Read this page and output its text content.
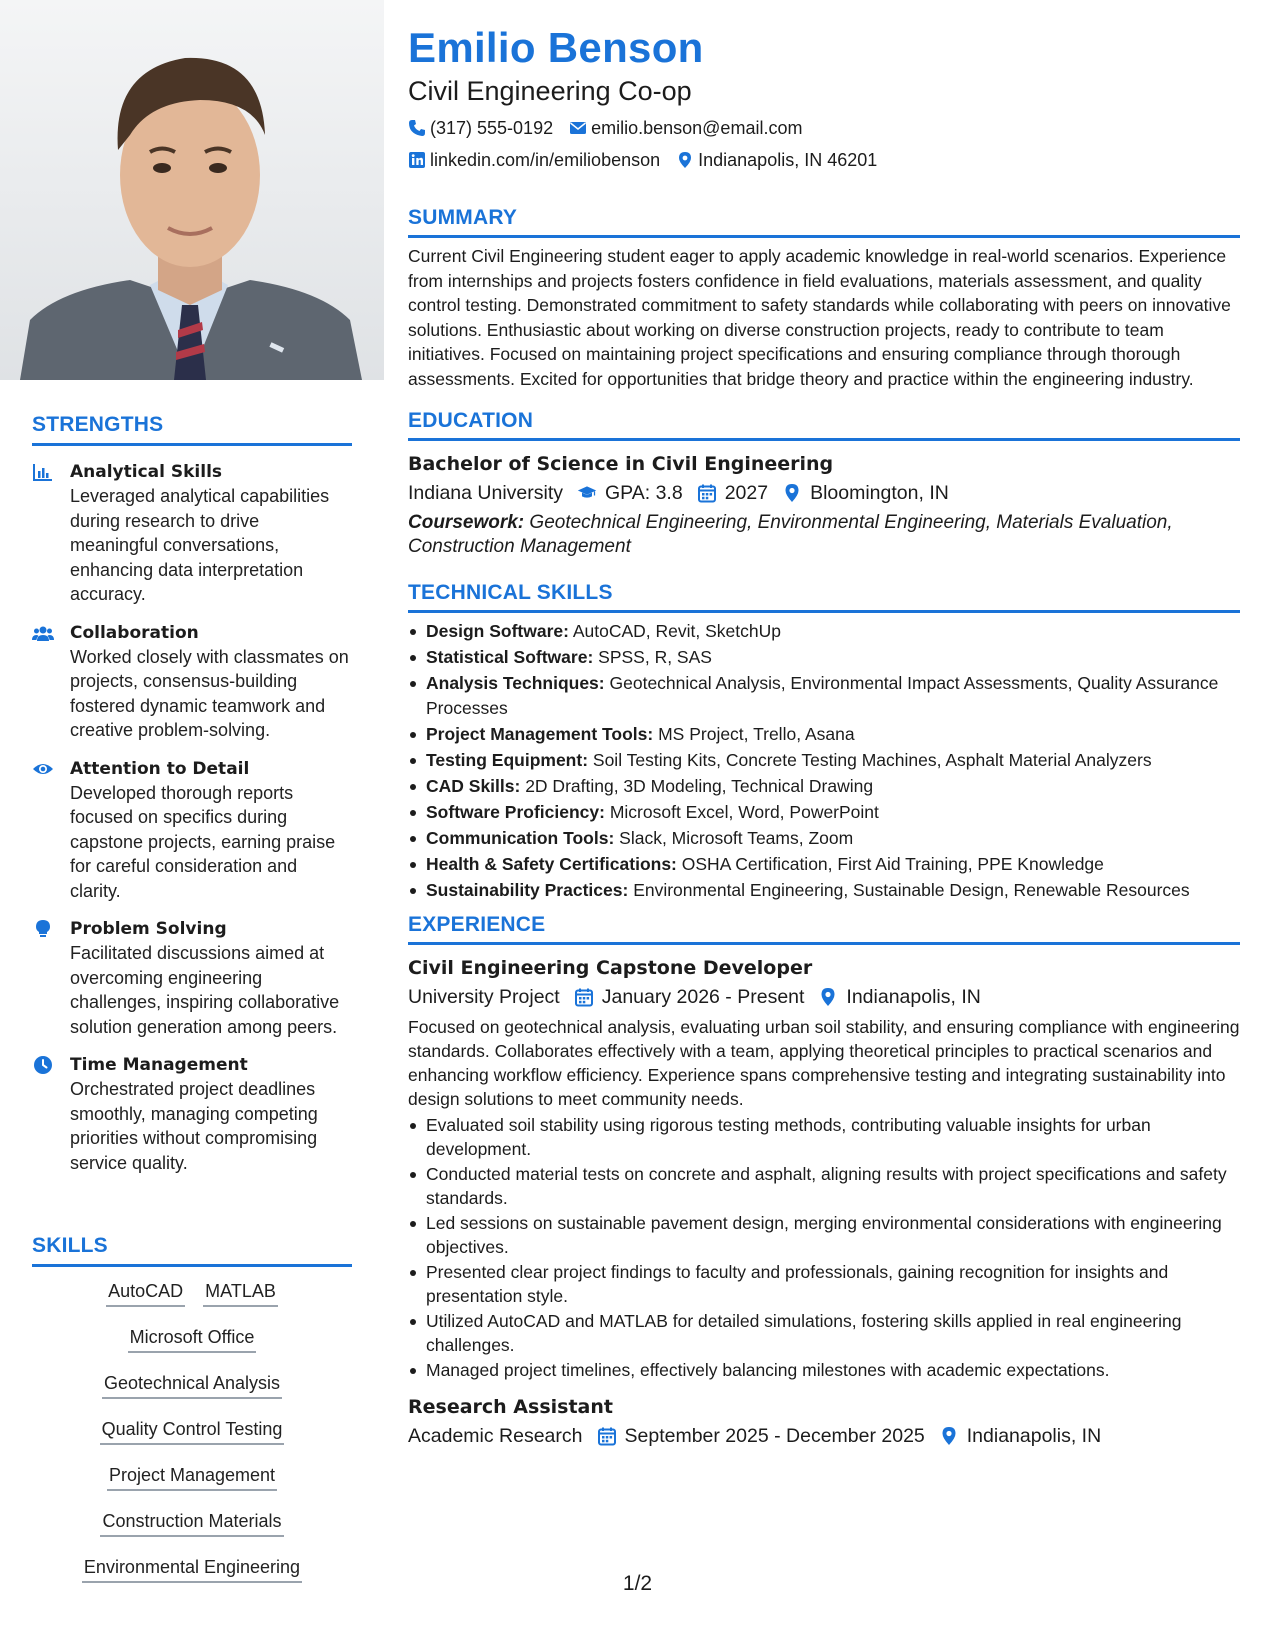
STRENGTHS
Analytical Skills
Leveraged analytical capabilities during research to drive meaningful conversations, enhancing data interpretation accuracy.
Collaboration
Worked closely with classmates on projects, consensus-building fostered dynamic teamwork and creative problem-solving.
Attention to Detail
Developed thorough reports focused on specifics during capstone projects, earning praise for careful consideration and clarity.
Problem Solving
Facilitated discussions aimed at overcoming engineering challenges, inspiring collaborative solution generation among peers.
Time Management
Orchestrated project deadlines smoothly, managing competing priorities without compromising service quality.
SKILLS
AutoCAD MATLAB
Microsoft Office
Geotechnical Analysis
Quality Control Testing
Project Management
Construction Materials
Environmental Engineering
Emilio Benson
Civil Engineering Co-op
(317) 555-0192 emilio.benson@email.com
linkedin.com/in/emiliobenson Indianapolis, IN 46201
SUMMARY
Current Civil Engineering student eager to apply academic knowledge in real-world scenarios. Experience from internships and projects fosters confidence in field evaluations, materials assessment, and quality control testing. Demonstrated commitment to safety standards while collaborating with peers on innovative solutions. Enthusiastic about working on diverse construction projects, ready to contribute to team initiatives. Focused on maintaining project specifications and ensuring compliance through thorough assessments. Excited for opportunities that bridge theory and practice within the engineering industry.
EDUCATION
Bachelor of Science in Civil Engineering
Indiana University GPA: 3.8 2027 Bloomington, IN
Coursework: Geotechnical Engineering, Environmental Engineering, Materials Evaluation, Construction Management
TECHNICAL SKILLS
Design Software: AutoCAD, Revit, SketchUp
Statistical Software: SPSS, R, SAS
Analysis Techniques: Geotechnical Analysis, Environmental Impact Assessments, Quality Assurance Processes
Project Management Tools: MS Project, Trello, Asana
Testing Equipment: Soil Testing Kits, Concrete Testing Machines, Asphalt Material Analyzers
CAD Skills: 2D Drafting, 3D Modeling, Technical Drawing
Software Proficiency: Microsoft Excel, Word, PowerPoint
Communication Tools: Slack, Microsoft Teams, Zoom
Health & Safety Certifications: OSHA Certification, First Aid Training, PPE Knowledge
Sustainability Practices: Environmental Engineering, Sustainable Design, Renewable Resources
EXPERIENCE
Civil Engineering Capstone Developer
University Project January 2026 - Present Indianapolis, IN
Focused on geotechnical analysis, evaluating urban soil stability, and ensuring compliance with engineering standards. Collaborates effectively with a team, applying theoretical principles to practical scenarios and enhancing workflow efficiency. Experience spans comprehensive testing and integrating sustainability into design solutions to meet community needs.
Evaluated soil stability using rigorous testing methods, contributing valuable insights for urban development.
Conducted material tests on concrete and asphalt, aligning results with project specifications and safety standards.
Led sessions on sustainable pavement design, merging environmental considerations with engineering objectives.
Presented clear project findings to faculty and professionals, gaining recognition for insights and presentation style.
Utilized AutoCAD and MATLAB for detailed simulations, fostering skills applied in real engineering challenges.
Managed project timelines, effectively balancing milestones with academic expectations.
Research Assistant
Academic Research September 2025 - December 2025 Indianapolis, IN
1/2
